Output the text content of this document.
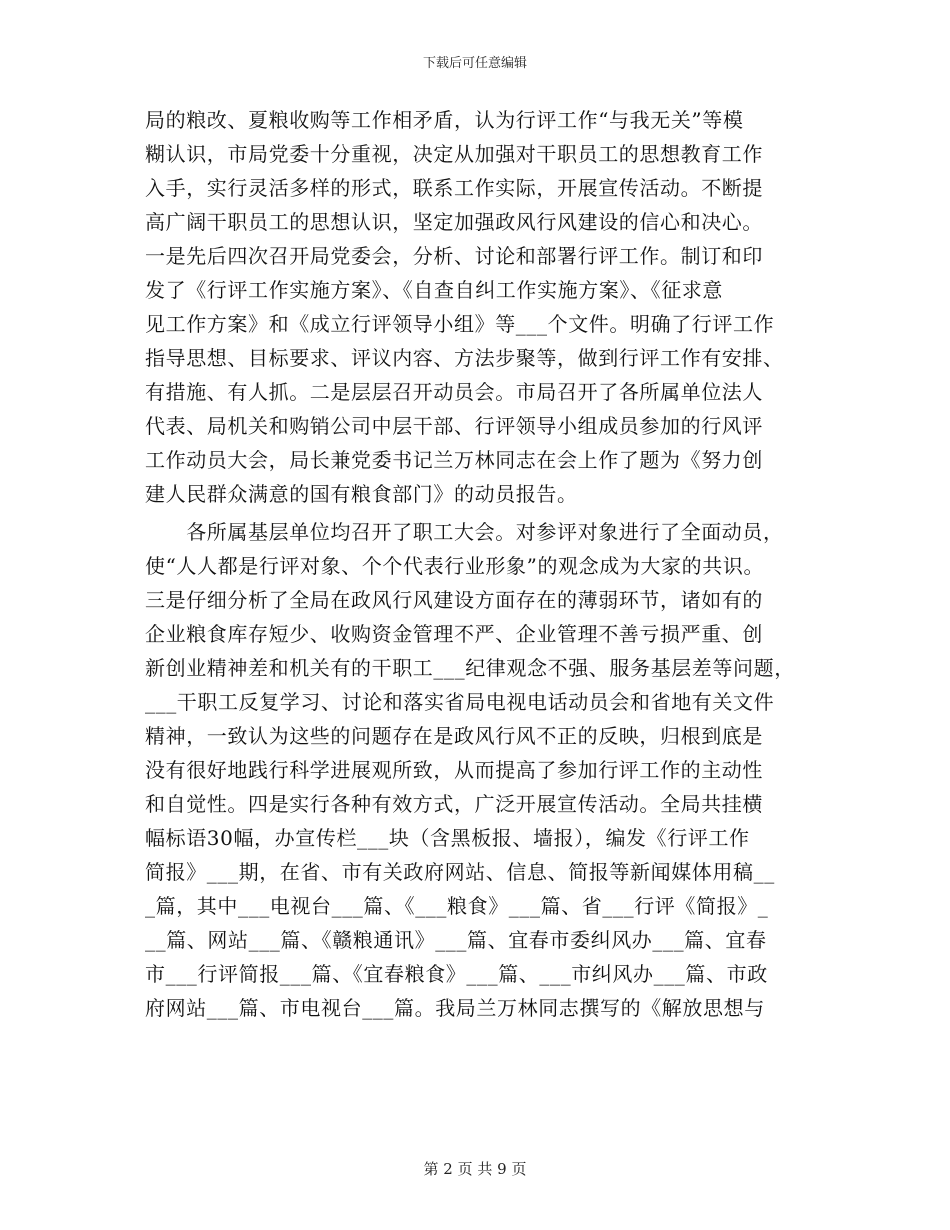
下载后可任意编辑
局的粮改、夏粮收购等工作相矛盾，认为行评工作“与我无关”等模
糊认识，市局党委十分重视，决定从加强对干职员工的思想教育工作
入手，实行灵活多样的形式，联系工作实际，开展宣传活动。不断提
高广阔干职员工的思想认识，坚定加强政风行风建设的信心和决心。
一是先后四次召开局党委会，分析、讨论和部署行评工作。制订和印
发了《行评工作实施方案》、《自查自纠工作实施方案》、《征求意
见工作方案》和《成立行评领导小组》等___个文件。明确了行评工作
指导思想、目标要求、评议内容、方法步聚等，做到行评工作有安排、
有措施、有人抓。二是层层召开动员会。市局召开了各所属单位法人
代表、局机关和购销公司中层干部、行评领导小组成员参加的行风评
工作动员大会，局长兼党委书记兰万林同志在会上作了题为《努力创
建人民群众满意的国有粮食部门》的动员报告。
　　各所属基层单位均召开了职工大会。对参评对象进行了全面动员，
使“人人都是行评对象、个个代表行业形象”的观念成为大家的共识。
三是仔细分析了全局在政风行风建设方面存在的薄弱环节，诸如有的
企业粮食库存短少、收购资金管理不严、企业管理不善亏损严重、创
新创业精神差和机关有的干职工___纪律观念不强、服务基层差等问题，
___干职工反复学习、讨论和落实省局电视电话动员会和省地有关文件
精神，一致认为这些的问题存在是政风行风不正的反映，归根到底是
没有很好地践行科学进展观所致，从而提高了参加行评工作的主动性
和自觉性。四是实行各种有效方式，广泛开展宣传活动。全局共挂横
幅标语30幅，办宣传栏___块（含黑板报、墙报），编发《行评工作
简报》___期，在省、市有关政府网站、信息、简报等新闻媒体用稿__
_篇，其中___电视台___篇、《___粮食》___篇、省___行评《简报》_
__篇、网站___篇、《赣粮通讯》___篇、宜春市委纠风办___篇、宜春
市___行评简报___篇、《宜春粮食》___篇、___市纠风办___篇、市政
府网站___篇、市电视台___篇。我局兰万林同志撰写的《解放思想与
第 2 页 共 9 页
